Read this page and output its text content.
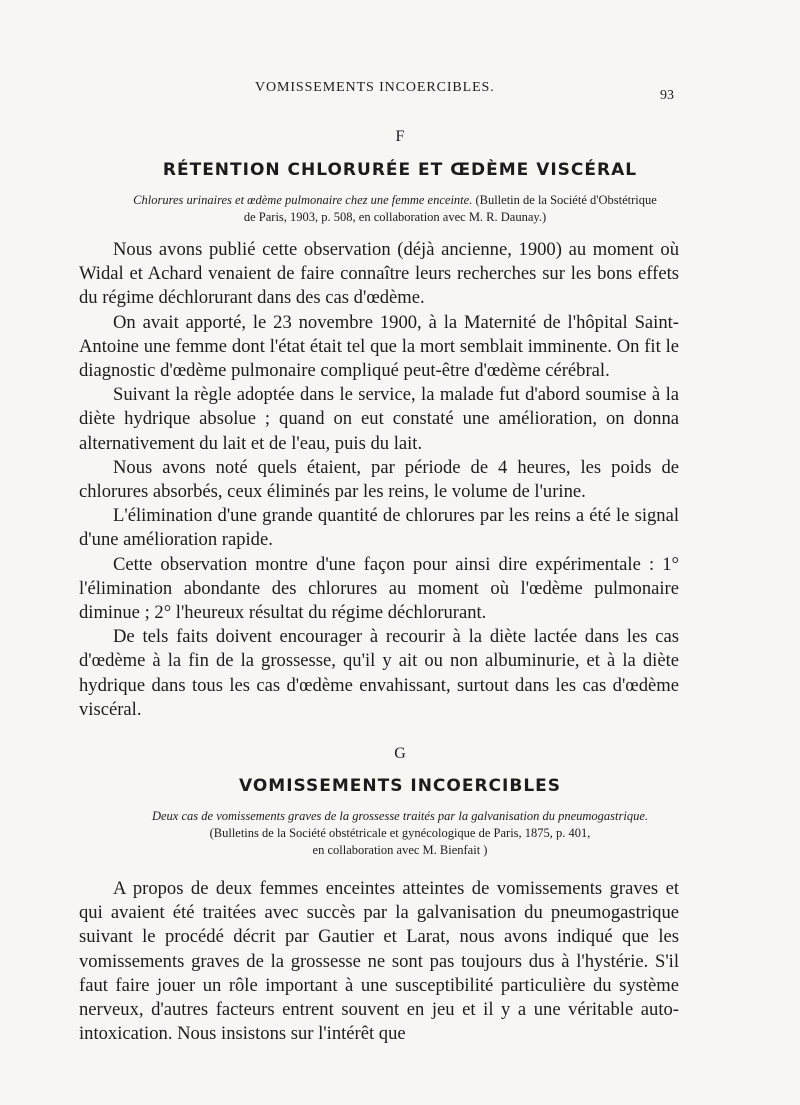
VOMISSEMENTS INCOERCIBLES.
93
F
RÉTENTION CHLORURÉE ET ŒDÈME VISCÉRAL
Chlorures urinaires et œdème pulmonaire chez une femme enceinte. (Bulletin de la Société d'Obstétrique
de Paris, 1903, p. 508, en collaboration avec M. R. Daunay.)

Nous avons publié cette observation (déjà ancienne, 1900) au moment où Widal et Achard venaient de faire connaître leurs recherches sur les bons effets du régime déchlorurant dans des cas d'œdème.

On avait apporté, le 23 novembre 1900, à la Maternité de l'hôpital Saint-Antoine une femme dont l'état était tel que la mort semblait imminente. On fit le diagnostic d'œdème pulmonaire compliqué peut-être d'œdème cérébral.

Suivant la règle adoptée dans le service, la malade fut d'abord soumise à la diète hydrique absolue ; quand on eut constaté une amélioration, on donna alternativement du lait et de l'eau, puis du lait.

Nous avons noté quels étaient, par période de 4 heures, les poids de chlorures absorbés, ceux éliminés par les reins, le volume de l'urine.

L'élimination d'une grande quantité de chlorures par les reins a été le signal d'une amélioration rapide.

Cette observation montre d'une façon pour ainsi dire expérimentale : 1° l'élimination abondante des chlorures au moment où l'œdème pulmonaire diminue ; 2° l'heureux résultat du régime déchlorurant.

De tels faits doivent encourager à recourir à la diète lactée dans les cas d'œdème à la fin de la grossesse, qu'il y ait ou non albuminurie, et à la diète hydrique dans tous les cas d'œdème envahissant, surtout dans les cas d'œdème viscéral.

G
VOMISSEMENTS INCOERCIBLES
Deux cas de vomissements graves de la grossesse traités par la galvanisation du pneumogastrique.
(Bulletins de la Société obstétricale et gynécologique de Paris, 1875, p. 401,
en collaboration avec M. Bienfait )

A propos de deux femmes enceintes atteintes de vomissements graves et qui avaient été traitées avec succès par la galvanisation du pneumogastrique suivant le procédé décrit par Gautier et Larat, nous avons indiqué que les vomissements graves de la grossesse ne sont pas toujours dus à l'hystérie. S'il faut faire jouer un rôle important à une susceptibilité particulière du système nerveux, d'autres facteurs entrent souvent en jeu et il y a une véritable auto-intoxication. Nous insistons sur l'intérêt que
